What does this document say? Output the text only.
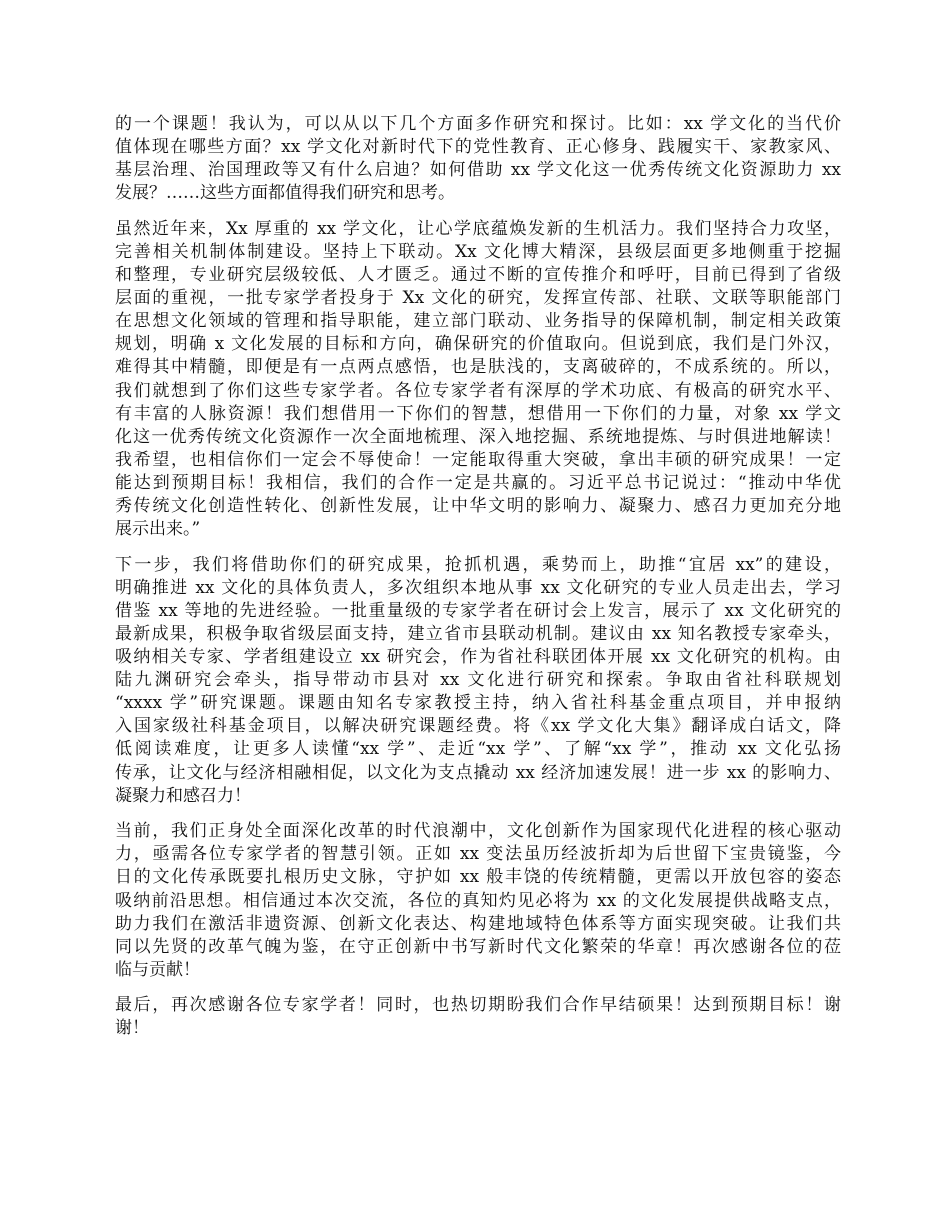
的一个课题！我认为，可以从以下几个方面多作研究和探讨。比如：xx 学文化的当代价
值体现在哪些方面？xx 学文化对新时代下的党性教育、正心修身、践履实干、家教家风、
基层治理、治国理政等又有什么启迪？如何借助 xx 学文化这一优秀传统文化资源助力 xx
发展？……这些方面都值得我们研究和思考。
虽然近年来，Xx 厚重的 xx 学文化，让心学底蕴焕发新的生机活力。我们坚持合力攻坚，
完善相关机制体制建设。坚持上下联动。Xx 文化博大精深，县级层面更多地侧重于挖掘
和整理，专业研究层级较低、人才匮乏。通过不断的宣传推介和呼吁，目前已得到了省级
层面的重视，一批专家学者投身于 Xx 文化的研究，发挥宣传部、社联、文联等职能部门
在思想文化领域的管理和指导职能，建立部门联动、业务指导的保障机制，制定相关政策
规划，明确 x 文化发展的目标和方向，确保研究的价值取向。但说到底，我们是门外汉，
难得其中精髓，即便是有一点两点感悟，也是肤浅的，支离破碎的，不成系统的。所以，
我们就想到了你们这些专家学者。各位专家学者有深厚的学术功底、有极高的研究水平、
有丰富的人脉资源！我们想借用一下你们的智慧，想借用一下你们的力量，对象 xx 学文
化这一优秀传统文化资源作一次全面地梳理、深入地挖掘、系统地提炼、与时俱进地解读！
我希望，也相信你们一定会不辱使命！一定能取得重大突破，拿出丰硕的研究成果！一定
能达到预期目标！我相信，我们的合作一定是共赢的。习近平总书记说过：“推动中华优
秀传统文化创造性转化、创新性发展，让中华文明的影响力、凝聚力、感召力更加充分地
展示出来。”
下一步，我们将借助你们的研究成果，抢抓机遇，乘势而上，助推“宜居 xx”的建设，
明确推进 xx 文化的具体负责人，多次组织本地从事 xx 文化研究的专业人员走出去，学习
借鉴 xx 等地的先进经验。一批重量级的专家学者在研讨会上发言，展示了 xx 文化研究的
最新成果，积极争取省级层面支持，建立省市县联动机制。建议由 xx 知名教授专家牵头，
吸纳相关专家、学者组建设立 xx 研究会，作为省社科联团体开展 xx 文化研究的机构。由
陆九渊研究会牵头，指导带动市县对 xx 文化进行研究和探索。争取由省社科联规划
“xxxx 学”研究课题。课题由知名专家教授主持，纳入省社科基金重点项目，并申报纳
入国家级社科基金项目，以解决研究课题经费。将《xx 学文化大集》翻译成白话文，降
低阅读难度，让更多人读懂“xx 学”、走近“xx 学”、了解“xx 学”，推动 xx 文化弘扬
传承，让文化与经济相融相促，以文化为支点撬动 xx 经济加速发展！进一步 xx 的影响力、
凝聚力和感召力！
当前，我们正身处全面深化改革的时代浪潮中，文化创新作为国家现代化进程的核心驱动
力，亟需各位专家学者的智慧引领。正如 xx 变法虽历经波折却为后世留下宝贵镜鉴，今
日的文化传承既要扎根历史文脉，守护如 xx 般丰饶的传统精髓，更需以开放包容的姿态
吸纳前沿思想。相信通过本次交流，各位的真知灼见必将为 xx 的文化发展提供战略支点，
助力我们在激活非遗资源、创新文化表达、构建地域特色体系等方面实现突破。让我们共
同以先贤的改革气魄为鉴，在守正创新中书写新时代文化繁荣的华章！再次感谢各位的莅
临与贡献！
最后，再次感谢各位专家学者！同时，也热切期盼我们合作早结硕果！达到预期目标！谢
谢！
